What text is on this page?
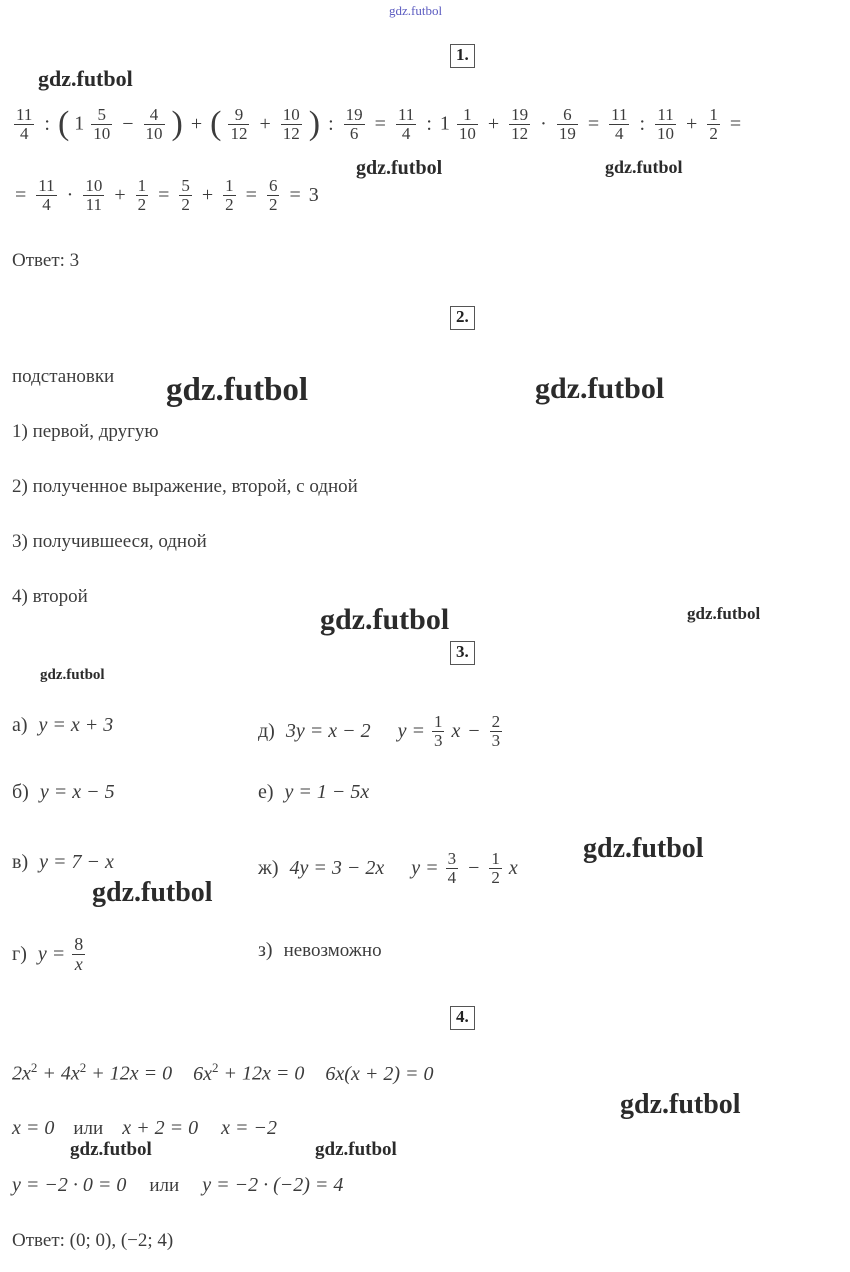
gdz.futbol
gdz.futbol
gdz.futbol	gdz.futbol
gdz.futbol	gdz.futbol
gdz.futbol	gdz.futbol
gdz.futbol
gdz.futbol
gdz.futbol
gdz.futbol
gdz.futbol	gdz.futbol
1.
2.
3.
4.
$\frac{11}{4}$ : ( $1 \frac{5}{10} - \frac{4}{10}$ ) + ( $\frac{9}{12} + \frac{10}{12}$ ) : $\frac{19}{6} = \frac{11}{4}$ : $1 \frac{1}{10} + \frac{19}{12} \cdot \frac{6}{19} = \frac{11}{4}$ : $\frac{11}{10} + \frac{1}{2}$ =
= $\frac{11}{4} \cdot \frac{10}{11} + \frac{1}{2} = \frac{5}{2} + \frac{1}{2} = \frac{6}{2} = 3$
Ответ: 3
подстановки
1) первой, другую
2) полученное выражение, второй, с одной
3) получившееся, одной
4) второй
а) y = x + 3
б) y = x − 5
в) y = 7 − x
г) $y = \frac{8}{x}$
д) 3y = x − 2 $y = \frac{1}{3}$ $x - \frac{2}{3}$
е) y = 1 − 5x
ж) 4y = 3 − 2x $y = \frac{3}{4} - \frac{1}{2}$ x
з) невозможно
$2x^2 + 4x^2 + 12x = 0$ $6x^2 + 12x = 0$ 6x(x + 2) = 0
x = 0 или x + 2 = 0 x = −2
y = −2 · 0 = 0 или y = −2 · (−2) = 4
Ответ: (0; 0), (−2; 4)
